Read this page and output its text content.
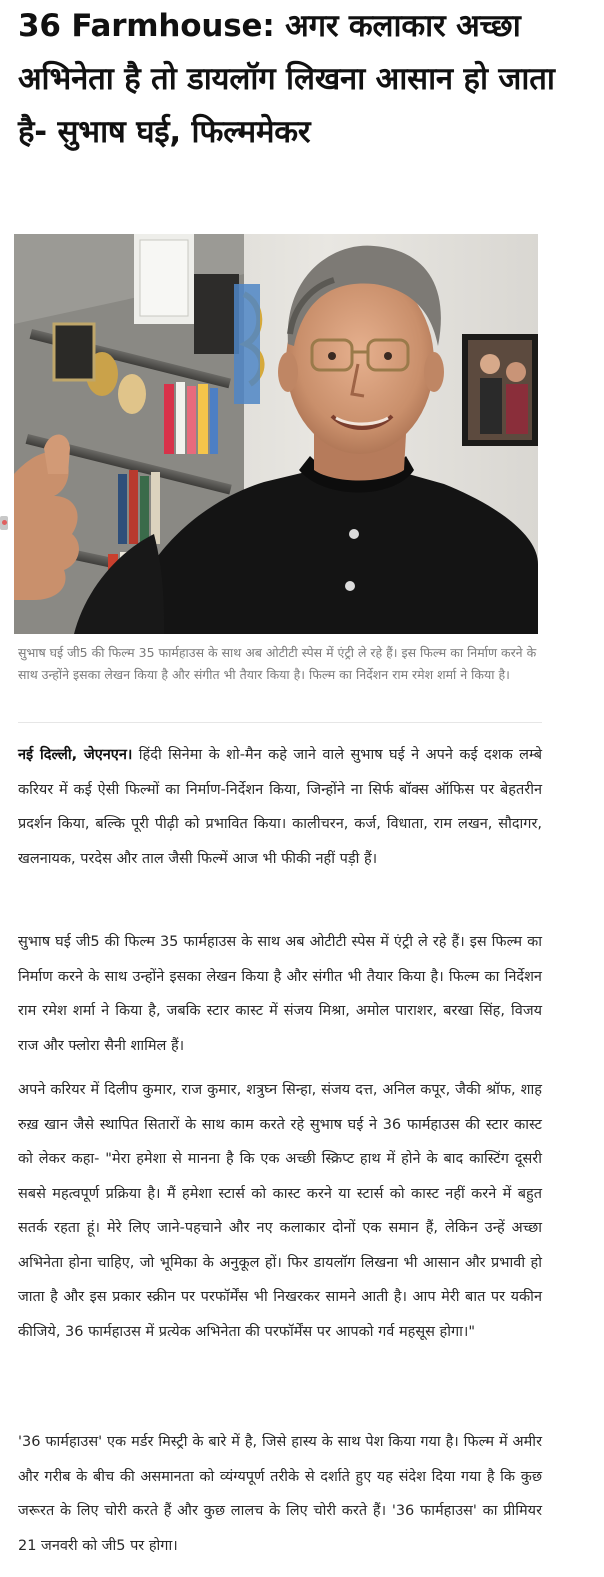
36 Farmhouse: अगर कलाकार अच्छा अभिनेता है तो डायलॉग लिखना आसान हो जाता है- सुभाष घई, फिल्ममेकर

सुभाष घई जी5 की फिल्म 35 फार्महाउस के साथ अब ओटीटी स्पेस में एंट्री ले रहे हैं। इस फिल्म का निर्माण करने के साथ उन्होंने इसका लेखन किया है और संगीत भी तैयार किया है। फिल्म का निर्देशन राम रमेश शर्मा ने किया है।

नई दिल्ली, जेएनएन। हिंदी सिनेमा के शो-मैन कहे जाने वाले सुभाष घई ने अपने कई दशक लम्बे करियर में कई ऐसी फिल्मों का निर्माण-निर्देशन किया, जिन्होंने ना सिर्फ बॉक्स ऑफिस पर बेहतरीन प्रदर्शन किया, बल्कि पूरी पीढ़ी को प्रभावित किया। कालीचरन, कर्ज, विधाता, राम लखन, सौदागर, खलनायक, परदेस और ताल जैसी फिल्में आज भी फीकी नहीं पड़ी हैं।

सुभाष घई जी5 की फिल्म 35 फार्महाउस के साथ अब ओटीटी स्पेस में एंट्री ले रहे हैं। इस फिल्म का निर्माण करने के साथ उन्होंने इसका लेखन किया है और संगीत भी तैयार किया है। फिल्म का निर्देशन राम रमेश शर्मा ने किया है, जबकि स्टार कास्ट में संजय मिश्रा, अमोल पाराशर, बरखा सिंह, विजय राज और फ्लोरा सैनी शामिल हैं।

अपने करियर में दिलीप कुमार, राज कुमार, शत्रुघ्न सिन्हा, संजय दत्त, अनिल कपूर, जैकी श्रॉफ, शाह रुख़ खान जैसे स्थापित सितारों के साथ काम करते रहे सुभाष घई ने 36 फार्महाउस की स्टार कास्ट को लेकर कहा- "मेरा हमेशा से मानना है कि एक अच्छी स्क्रिप्ट हाथ में होने के बाद कास्टिंग दूसरी सबसे महत्वपूर्ण प्रक्रिया है। मैं हमेशा स्टार्स को कास्ट करने या स्टार्स को कास्ट नहीं करने में बहुत सतर्क रहता हूं। मेरे लिए जाने-पहचाने और नए कलाकार दोनों एक समान हैं, लेकिन उन्हें अच्छा अभिनेता होना चाहिए, जो भूमिका के अनुकूल हों। फिर डायलॉग लिखना भी आसान और प्रभावी हो जाता है और इस प्रकार स्क्रीन पर परफॉर्मेंस भी निखरकर सामने आती है। आप मेरी बात पर यकीन कीजिये, 36 फार्महाउस में प्रत्येक अभिनेता की परफॉर्मेंस पर आपको गर्व महसूस होगा।"

'36 फार्महाउस' एक मर्डर मिस्ट्री के बारे में है, जिसे हास्य के साथ पेश किया गया है। फिल्म में अमीर और गरीब के बीच की असमानता को व्यंग्यपूर्ण तरीके से दर्शाते हुए यह संदेश दिया गया है कि कुछ जरूरत के लिए चोरी करते हैं और कुछ लालच के लिए चोरी करते हैं। '36 फार्महाउस' का प्रीमियर 21 जनवरी को जी5 पर होगा।
